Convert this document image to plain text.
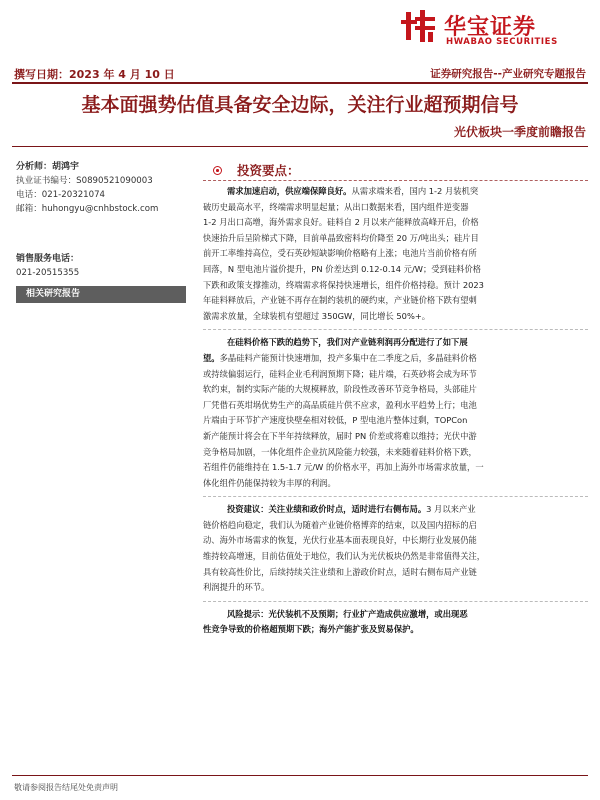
华宝证券
HWABAO SECURITIES
撰写日期：2023 年 4 月 10 日	证券研究报告--产业研究专题报告
基本面强势估值具备安全边际，关注行业超预期信号
光伏板块一季度前瞻报告
分析师：胡鸿宇
执业证书编号：S0890521090003
电话：021-20321074
邮箱：huhongyu@cnhbstock.com
销售服务电话：
021-20515355
相关研究报告
投资要点：
需求加速启动，供应端保障良好。从需求端来看，国内 1-2 月装机突
破历史最高水平，终端需求明显起量；从出口数据来看，国内组件逆变器
1-2 月出口高增，海外需求良好。硅料自 2 月以来产能释放高峰开启，价格
快速抬升后呈阶梯式下降，目前单晶致密料均价降至 20 万/吨出头；硅片目
前开工率维持高位，受石英砂短缺影响价格略有上涨；电池片当前价格有所
回落，N 型电池片溢价提升，PN 价差达到 0.12-0.14 元/W；受到硅料价格
下跌和政策支撑推动，终端需求将保持快速增长，组件价格持稳。预计 2023
年硅料释放后，产业链不再存在制约装机的硬约束，产业链价格下跌有望刺
激需求放量，全球装机有望超过 350GW，同比增长 50%+。
在硅料价格下跌的趋势下，我们对产业链利润再分配进行了如下展
望。多晶硅料产能预计快速增加，投产多集中在二季度之后，多晶硅料价格
或持续偏弱运行，硅料企业毛利润预期下降；硅片端，石英砂将会成为环节
软约束，制约实际产能的大规模释放，阶段性改善环节竞争格局，头部硅片
厂凭借石英坩埚优势生产的高品质硅片供不应求，盈利水平趋势上行；电池
片端由于环节扩产速度快壁垒相对较低，P 型电池片整体过剩，TOPCon
新产能预计将会在下半年持续释放，届时 PN 价差或将难以维持；光伏中游
竞争格局加剧，一体化组件企业抗风险能力较强，未来随着硅料价格下跌，
若组件仍能维持在 1.5-1.7 元/W 的价格水平，再加上海外市场需求放量，一
体化组件仍能保持较为丰厚的利润。
投资建议：关注业绩和政价时点，适时进行右侧布局。3 月以来产业
链价格趋向稳定，我们认为随着产业链价格博弈的结束，以及国内招标的启
动、海外市场需求的恢复，光伏行业基本面表现良好，中长期行业发展仍能
维持较高增速，目前估值处于地位，我们认为光伏板块仍然是非常值得关注，
具有较高性价比，后续持续关注业绩和上游政价时点，适时右侧布局产业链
利润提升的环节。
风险提示：光伏装机不及预期；行业扩产造成供应激增，或出现恶
性竞争导致的价格超预期下跌；海外产能扩张及贸易保护。
敬请参阅报告结尾处免责声明
